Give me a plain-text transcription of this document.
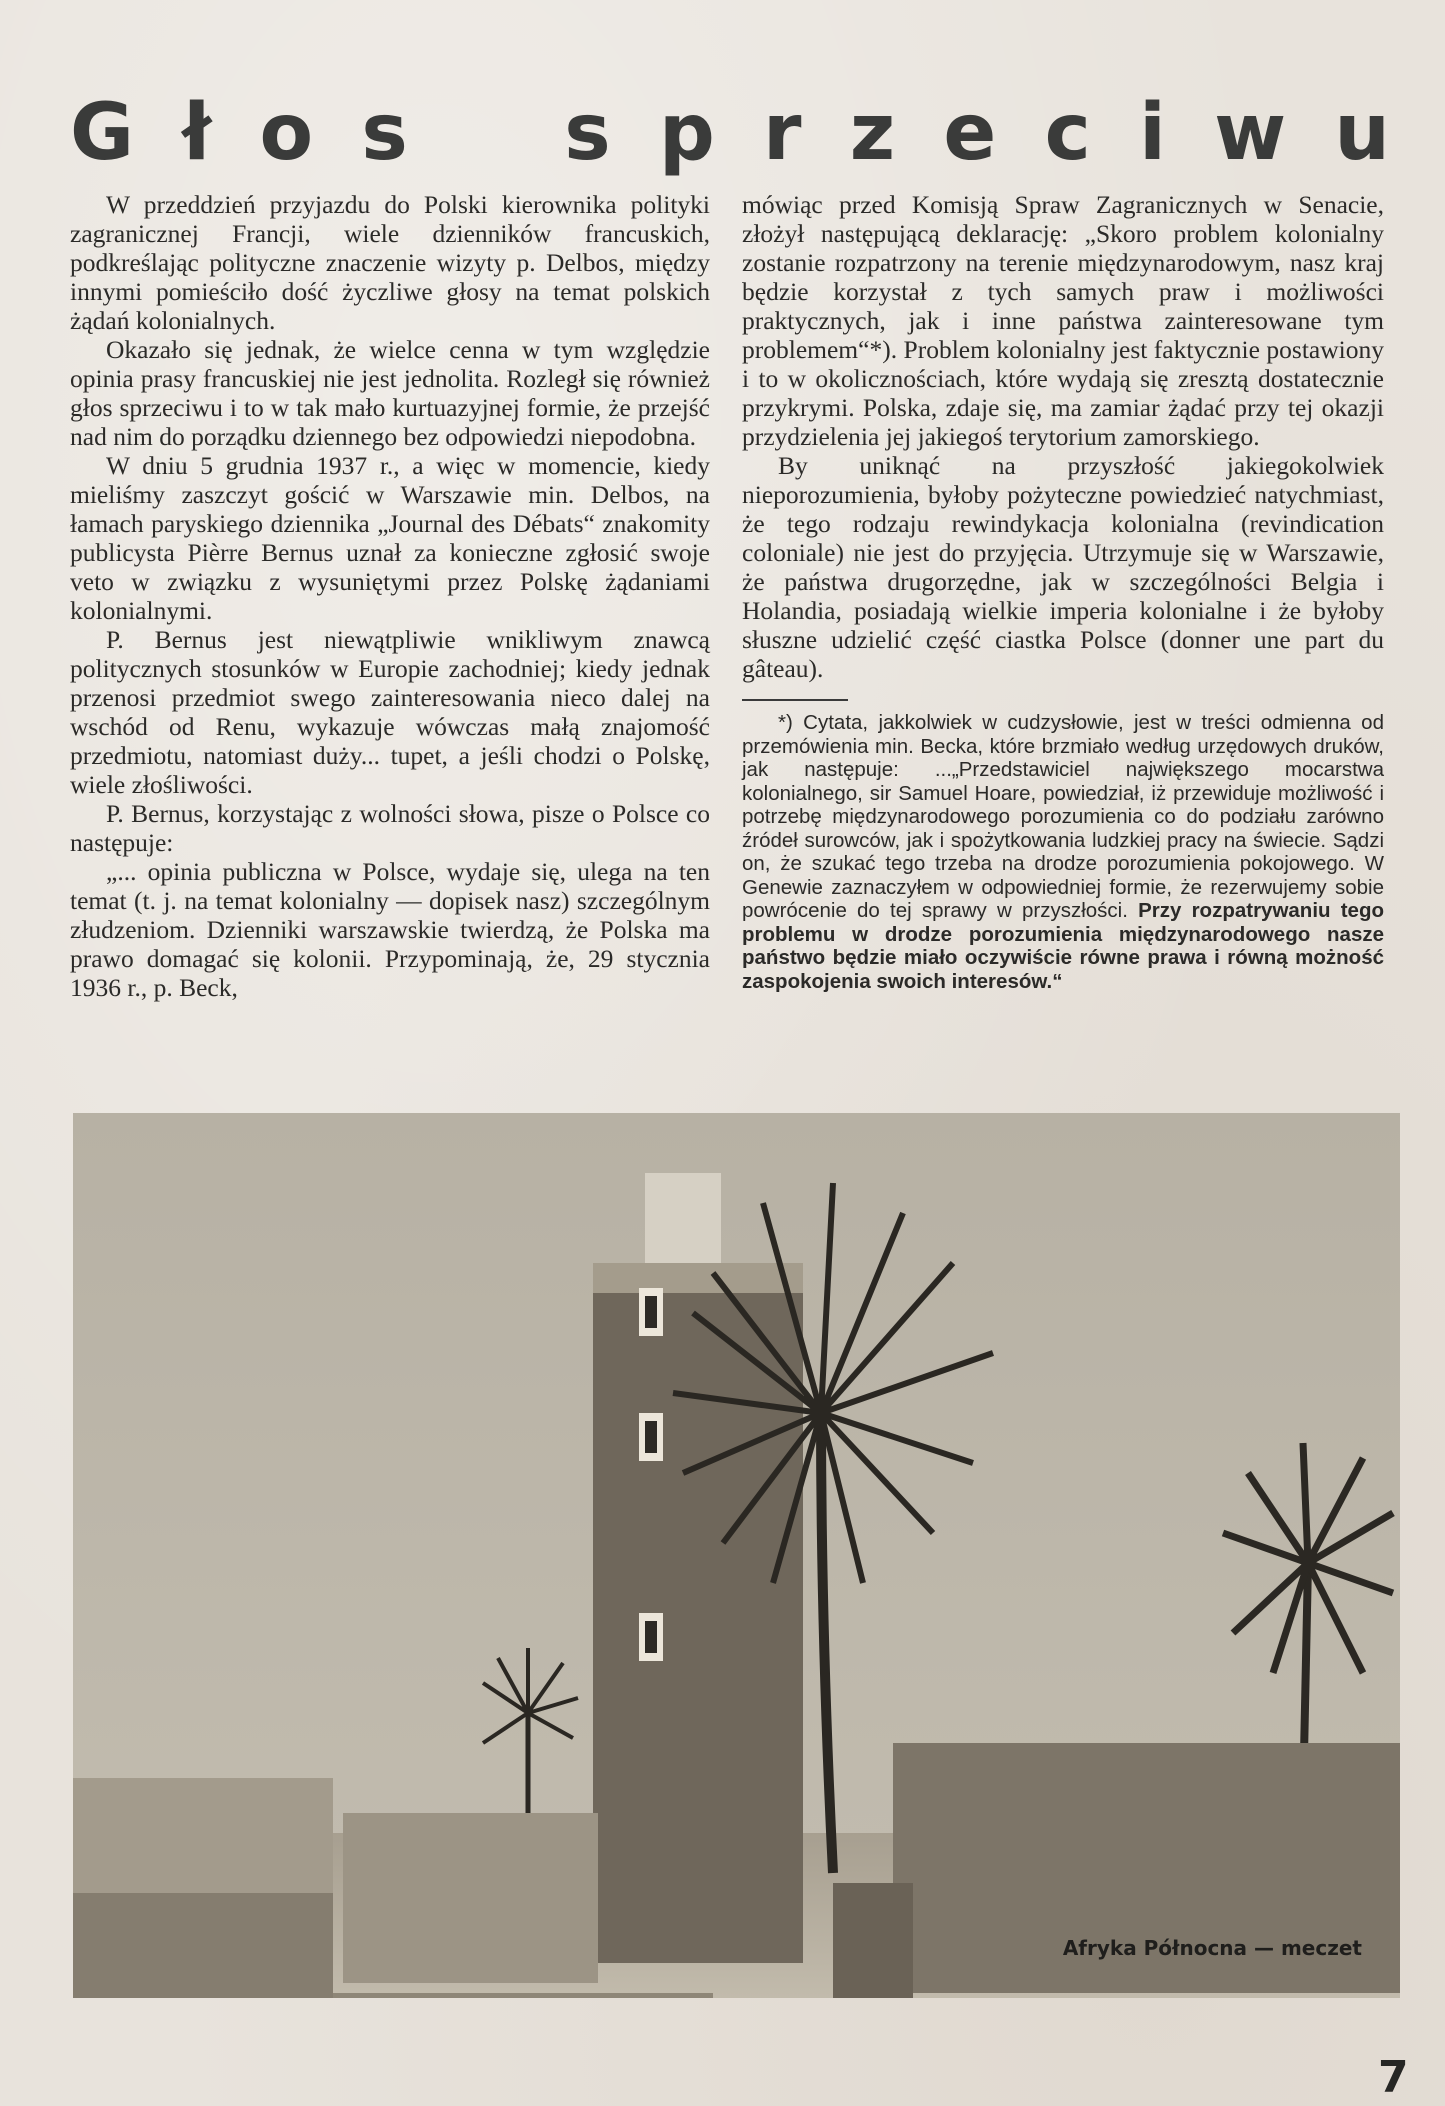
G ł o s s p r z e c i w u

W przeddzień przyjazdu do Polski kierownika polityki zagranicznej Francji, wiele dzienników francuskich, podkreślając polityczne znaczenie wizyty p. Delbos, między innymi pomieściło dość życzliwe głosy na temat polskich żądań kolonialnych.

Okazało się jednak, że wielce cenna w tym względzie opinia prasy francuskiej nie jest jednolita. Rozległ się również głos sprzeciwu i to w tak mało kurtuazyjnej formie, że przejść nad nim do porządku dziennego bez odpowiedzi niepodobna.

W dniu 5 grudnia 1937 r., a więc w momencie, kiedy mieliśmy zaszczyt gościć w Warszawie min. Delbos, na łamach paryskiego dziennika „Journal des Débats“ znakomity publicysta Pièrre Bernus uznał za konieczne zgłosić swoje veto w związku z wysuniętymi przez Polskę żądaniami kolonialnymi.

P. Bernus jest niewątpliwie wnikliwym znawcą politycznych stosunków w Europie zachodniej; kiedy jednak przenosi przedmiot swego zainteresowania nieco dalej na wschód od Renu, wykazuje wówczas małą znajomość przedmiotu, natomiast duży... tupet, a jeśli chodzi o Polskę, wiele złośliwości.

P. Bernus, korzystając z wolności słowa, pisze o Polsce co następuje:

„... opinia publiczna w Polsce, wydaje się, ulega na ten temat (t. j. na temat kolonialny — dopisek nasz) szczególnym złudzeniom. Dzienniki warszawskie twierdzą, że Polska ma prawo domagać się kolonii. Przypominają, że, 29 stycznia 1936 r., p. Beck,

mówiąc przed Komisją Spraw Zagranicznych w Senacie, złożył następującą deklarację: „Skoro problem kolonialny zostanie rozpatrzony na terenie międzynarodowym, nasz kraj będzie korzystał z tych samych praw i możliwości praktycznych, jak i inne państwa zainteresowane tym problemem“*). Problem kolonialny jest faktycznie postawiony i to w okolicznościach, które wydają się zresztą dostatecznie przykrymi. Polska, zdaje się, ma zamiar żądać przy tej okazji przydzielenia jej jakiegoś terytorium zamorskiego.

By uniknąć na przyszłość jakiegokolwiek nieporozumienia, byłoby pożyteczne powiedzieć natychmiast, że tego rodzaju rewindykacja kolonialna (revindication coloniale) nie jest do przyjęcia. Utrzymuje się w Warszawie, że państwa drugorzędne, jak w szczególności Belgia i Holandia, posiadają wielkie imperia kolonialne i że byłoby słuszne udzielić część ciastka Polsce (donner une part du gâteau).

*) Cytata, jakkolwiek w cudzysłowie, jest w treści odmienna od przemówienia min. Becka, które brzmiało według urzędowych druków, jak następuje: ...„Przedstawiciel największego mocarstwa kolonialnego, sir Samuel Hoare, powiedział, iż przewiduje możliwość i potrzebę międzynarodowego porozumienia co do podziału zarówno źródeł surowców, jak i spożytkowania ludzkiej pracy na świecie. Sądzi on, że szukać tego trzeba na drodze porozumienia pokojowego. W Genewie zaznaczyłem w odpowiedniej formie, że rezerwujemy sobie powrócenie do tej sprawy w przyszłości. Przy rozpatrywaniu tego problemu w drodze porozumienia międzynarodowego nasze państwo będzie miało oczywiście równe prawa i równą możność zaspokojenia swoich interesów.“

Afryka Północna — meczet
7
